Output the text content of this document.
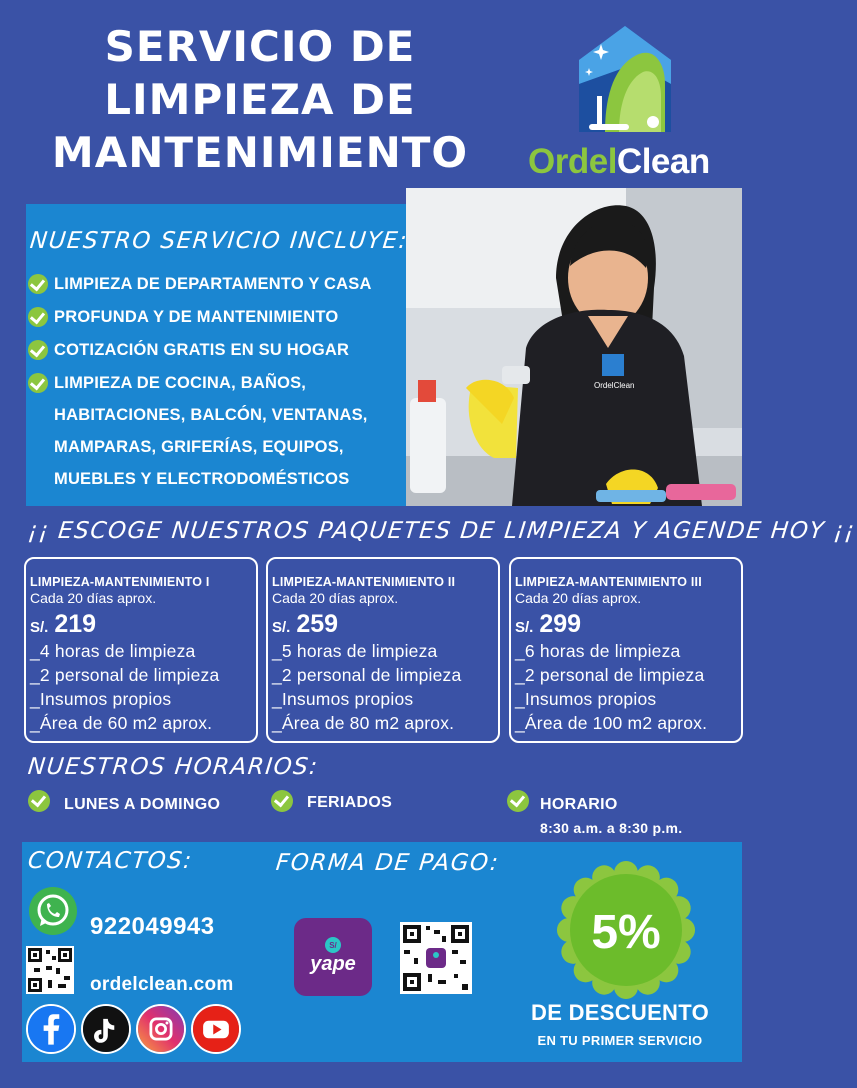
SERVICIO DE
LIMPIEZA DE
MANTENIMIENTO	OrdelClean
OrdelClean
NUESTRO SERVICIO INCLUYE:
LIMPIEZA DE DEPARTAMENTO Y CASA
PROFUNDA Y DE MANTENIMIENTO
COTIZACIÓN GRATIS EN SU HOGAR
LIMPIEZA DE COCINA, BAÑOS,
HABITACIONES, BALCÓN, VENTANAS,
MAMPARAS, GRIFERÍAS, EQUIPOS,
MUEBLES Y ELECTRODOMÉSTICOS
¡¡ ESCOGE NUESTROS PAQUETES DE LIMPIEZA Y AGENDE HOY ¡¡
LIMPIEZA-MANTENIMIENTO I
Cada 20 días aprox.
S/. 219
_4 horas de limpieza
_2 personal de limpieza
_Insumos propios
_Área de 60 m2 aprox.
LIMPIEZA-MANTENIMIENTO II
Cada 20 días aprox.
S/. 259
_5 horas de limpieza
_2 personal de limpieza
_Insumos propios
_Área de 80 m2 aprox.
LIMPIEZA-MANTENIMIENTO III
Cada 20 días aprox.
S/. 299
_6 horas de limpieza
_2 personal de limpieza
_Insumos propios
_Área de 100 m2 aprox.
NUESTROS HORARIOS:
LUNES A DOMINGO	FERIADOS	HORARIO
8:30 a.m. a 8:30 p.m.
CONTACTOS:	FORMA DE PAGO:
922049943
ordelclean.com
S/
yape
5%
DE DESCUENTO
EN TU PRIMER SERVICIO
